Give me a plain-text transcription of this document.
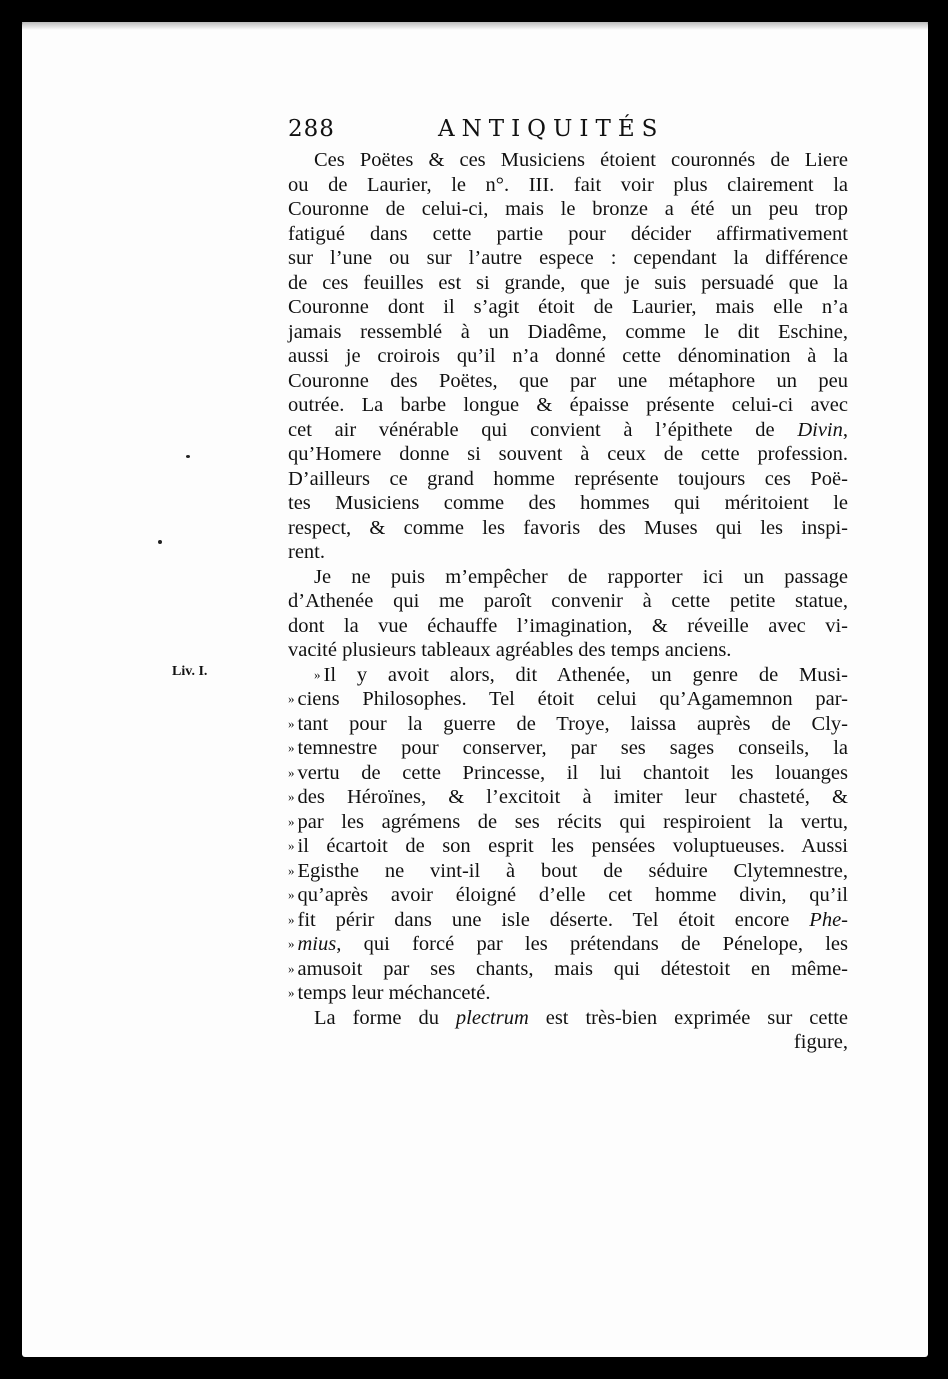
288	ANTIQUITÉS
Liv. I.
Ces Poëtes & ces Musiciens étoient couronnés de Liere
ou de Laurier, le n°. III. fait voir plus clairement la
Couronne de celui-ci, mais le bronze a été un peu trop
fatigué dans cette partie pour décider affirmativement
sur l’une ou sur l’autre espece : cependant la différence
de ces feuilles est si grande, que je suis persuadé que la
Couronne dont il s’agit étoit de Laurier, mais elle n’a
jamais ressemblé à un Diadême, comme le dit Eschine,
aussi je croirois qu’il n’a donné cette dénomination à la
Couronne des Poëtes, que par une métaphore un peu
outrée. La barbe longue & épaisse présente celui-ci avec
cet air vénérable qui convient à l’épithete de Divin,
qu’Homere donne si souvent à ceux de cette profession.
D’ailleurs ce grand homme représente toujours ces Poë-
tes Musiciens comme des hommes qui méritoient le
respect, & comme les favoris des Muses qui les inspi-
rent.
Je ne puis m’empêcher de rapporter ici un passage
d’Athenée qui me paroît convenir à cette petite statue,
dont la vue échauffe l’imagination, & réveille avec vi-
vacité plusieurs tableaux agréables des temps anciens.
» Il y avoit alors, dit Athenée, un genre de Musi-
» ciens Philosophes. Tel étoit celui qu’Agamemnon par-
» tant pour la guerre de Troye, laissa auprès de Cly-
» temnestre pour conserver, par ses sages conseils, la
» vertu de cette Princesse, il lui chantoit les louanges
» des Héroïnes, & l’excitoit à imiter leur chasteté, &
» par les agrémens de ses récits qui respiroient la vertu,
» il écartoit de son esprit les pensées voluptueuses. Aussi
» Egisthe ne vint-il à bout de séduire Clytemnestre,
» qu’après avoir éloigné d’elle cet homme divin, qu’il
» fit périr dans une isle déserte. Tel étoit encore Phe-
» mius, qui forcé par les prétendans de Pénelope, les
» amusoit par ses chants, mais qui détestoit en même-
» temps leur méchanceté.
La forme du plectrum est très-bien exprimée sur cette
figure,
